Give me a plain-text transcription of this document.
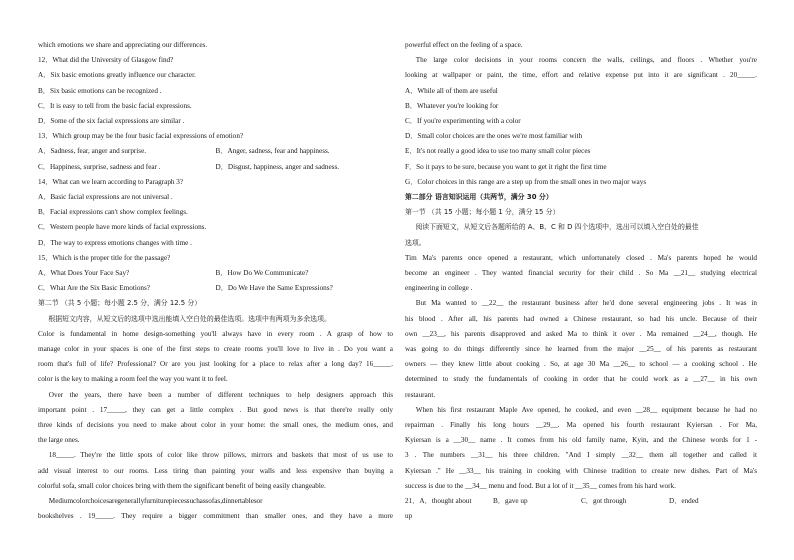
which emotions we share and appreciating our differences.
12．What did the University of Glasgow find?
A．Six basic emotions greatly influence our character.
B．Six basic emotions can be recognized .
C．It is easy to tell from the basic facial expressions.
D．Some of the six facial expressions are similar .
13．Which group may be the four basic facial expressions of emotion?
A．Sadness, fear, anger and surprise.	B．Anger, sadness, fear and happiness.
C．Happiness, surprise, sadness and fear .	D．Disgust, happiness, anger and sadness.
14．What can we learn according to Paragraph 3?
A．Basic facial expressions are not universal .
B．Facial expressions can't show complex feelings.
C．Western people have more kinds of facial expressions.
D．The way to express emotions changes with time .
15．Which is the proper title for the passage?
A．What Does Your Face Say?	B．How Do We Communicate?
C．What Are the Six Basic Emotions?	D．Do We Have the Same Expressions?
第二节 （共 5 小题；每小题 2.5 分，满分 12.5 分）
根据短文内容，从短文后的选项中选出能填入空白处的最佳选项。选项中有两项为多余选项。
Color is fundamental in home design-something you'll always have in every room . A grasp of how to
manage color in your spaces is one of the first steps to create rooms you'll love to live in . Do you want a
room that's full of life? Professional? Or are you just looking for a place to relax after a long day? 16_____.
color is the key to making a room feel the way you want it to feel.
Over the years, there have been a number of different techniques to help designers approach this
important point . 17_____, they can get a little complex . But good news is that there're really only
three kinds of decisions you need to make about color in your home: the small ones, the medium ones, and
the large ones.
18_____. They're the little spots of color like throw pillows, mirrors and baskets that most of us use to
add visual interest to our rooms. Less tiring than painting your walls and less expensive than buying a
colorful sofa, small color choices bring with them the significant benefit of being easily changeable.
Medium color choices are generally furniture pieces such as sofas, dinner tables or
bookshelves . 19_____. They require a bigger commitment than smaller ones, and they have a more
powerful effect on the feeling of a space.
The large color decisions in your rooms concern the walls, ceilings, and floors . Whether you're
looking at wallpaper or paint, the time, effort and relative expense put into it are significant . 20_____.
A．While all of them are useful
B．Whatever you're looking for
C．If you're experimenting with a color
D．Small color choices are the ones we're most familiar with
E．It's not really a good idea to use too many small color pieces
F．So it pays to be sure, because you want to get it right the first time
G．Color choices in this range are a step up from the small ones in two major ways
第二部分 语言知识运用（共两节，满分 30 分）
第一节 （共 15 小题；每小题 1 分，满分 15 分）
阅读下面短文，从短文后各题所给的 A、B、C 和 D 四个选项中，选出可以填入空白处的最佳
选项。
Tim Ma's parents once opened a restaurant, which unfortunately closed . Ma's parents hoped he would
become an engineer . They wanted financial security for their child . So Ma __21__ studying electrical
engineering in college .
But Ma wanted to __22__ the restaurant business after he'd done several engineering jobs . It was in
his blood . After all, his parents had owned a Chinese restaurant, so had his uncle. Because of their
own __23__, his parents disapproved and asked Ma to think it over . Ma remained __24__, though. He
was going to do things differently since he learned from the major __25__ of his parents as restaurant
owners — they knew little about cooking . So, at age 30 Ma __26__ to school — a cooking school . He
determined to study the fundamentals of cooking in order that he could work as a __27__ in his own
restaurant.
When his first restaurant Maple Ave opened, he cooked, and even __28__ equipment because he had no
repairman . Finally his long hours __29__. Ma opened his fourth restaurant Kyiersan . For Ma,
Kyiersan is a __30__ name . It comes from his old family name, Kyin, and the Chinese words for 1 -
3 . The numbers __31__ his three children. "And I simply __32__ them all together and called it
Kyiersan ." He __33__ his training in cooking with Chinese tradition to create new dishes. Part of Ma's
success is due to the __34__ menu and food. But a lot of it __35__ comes from his hard work.
21．A．thought about	B．gave up	C．got through	D．ended
up
